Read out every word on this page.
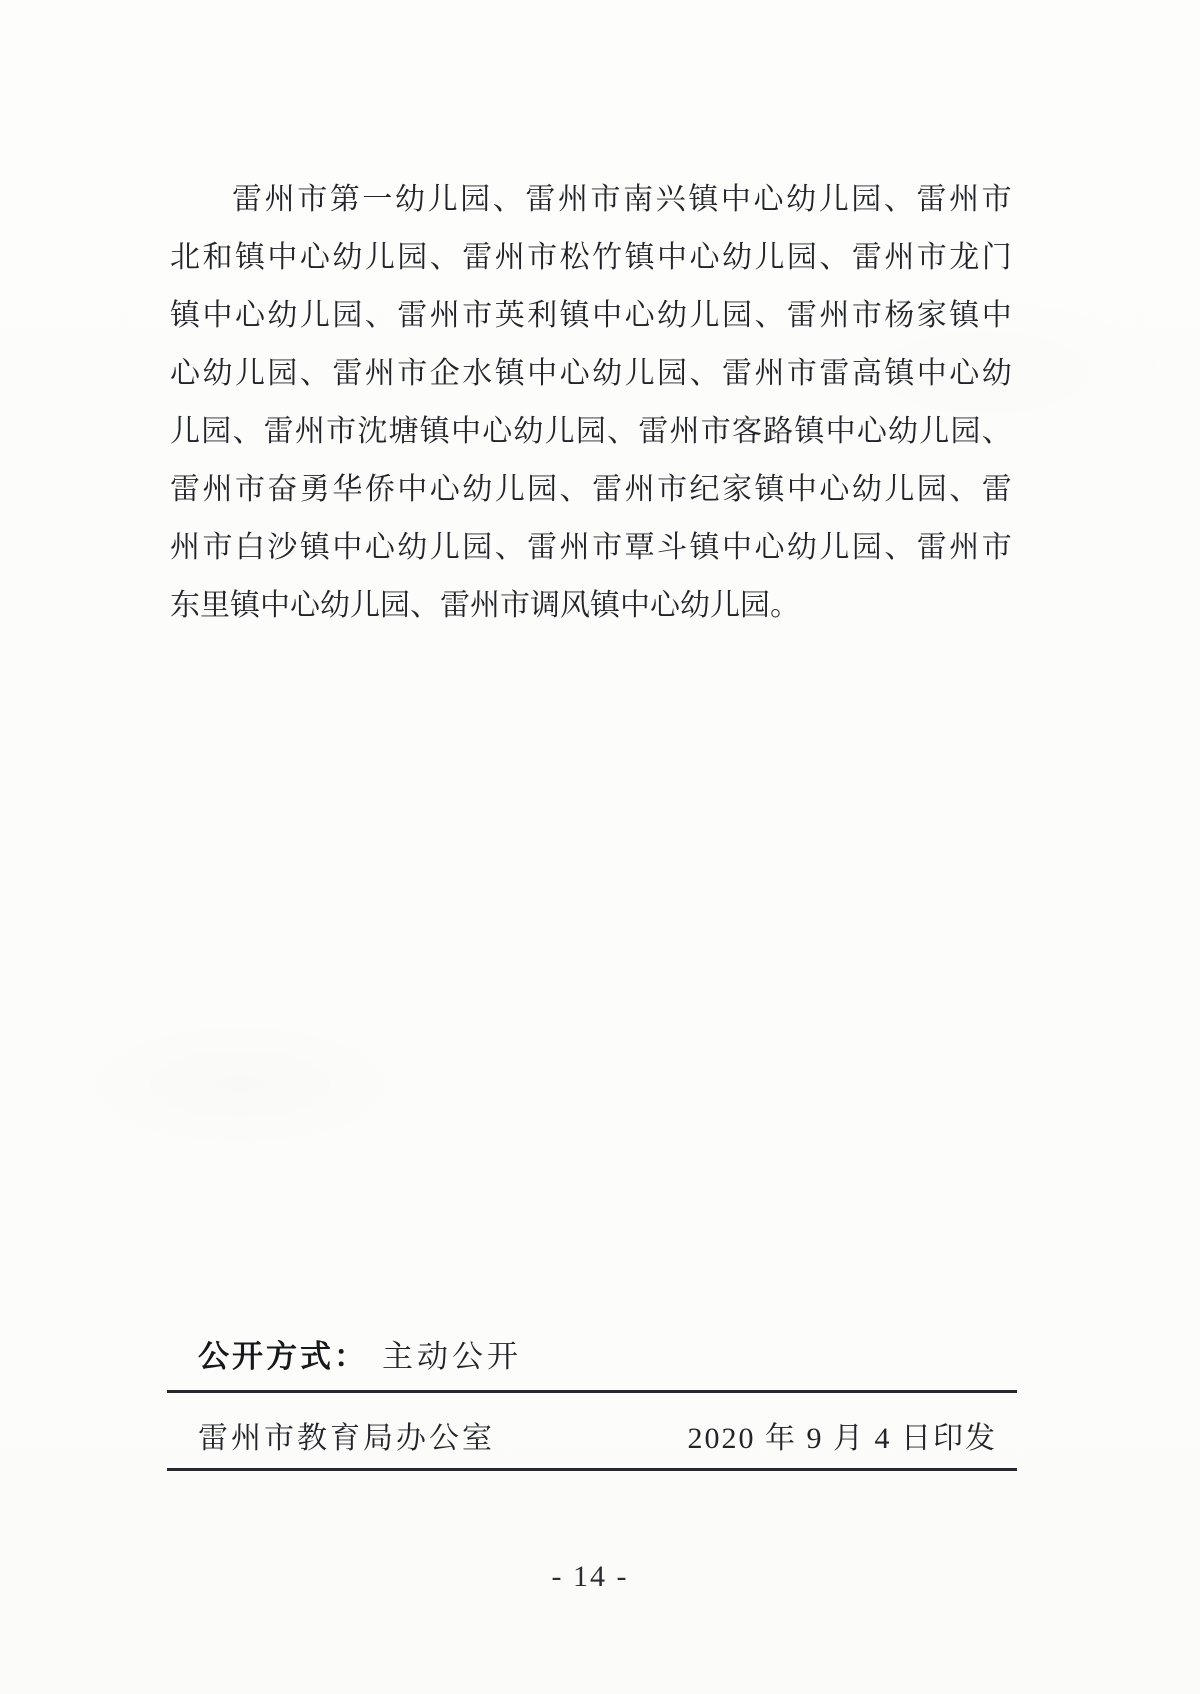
雷 州 市 第 一 幼 儿 园 、 雷 州 市 南 兴 镇 中 心 幼 儿 园 、 雷 州 市
北 和 镇 中 心 幼 儿 园 、 雷 州 市 松 竹 镇 中 心 幼 儿 园 、 雷 州 市 龙 门
镇 中 心 幼 儿 园 、 雷 州 市 英 利 镇 中 心 幼 儿 园 、 雷 州 市 杨 家 镇 中
心 幼 儿 园 、 雷 州 市 企 水 镇 中 心 幼 儿 园 、 雷 州 市 雷 高 镇 中 心 幼
儿 园 、 雷 州 市 沈 塘 镇 中 心 幼 儿 园 、 雷 州 市 客 路 镇 中 心 幼 儿 园 、
雷 州 市 奋 勇 华 侨 中 心 幼 儿 园 、 雷 州 市 纪 家 镇 中 心 幼 儿 园 、 雷
州 市 白 沙 镇 中 心 幼 儿 园 、 雷 州 市 覃 斗 镇 中 心 幼 儿 园 、 雷 州 市
东里镇中心幼儿园、雷州市调风镇中心幼儿园。
公开方式： 主动公开
雷州市教育局办公室	2020 年 9 月 4 日印发
- 14 -
